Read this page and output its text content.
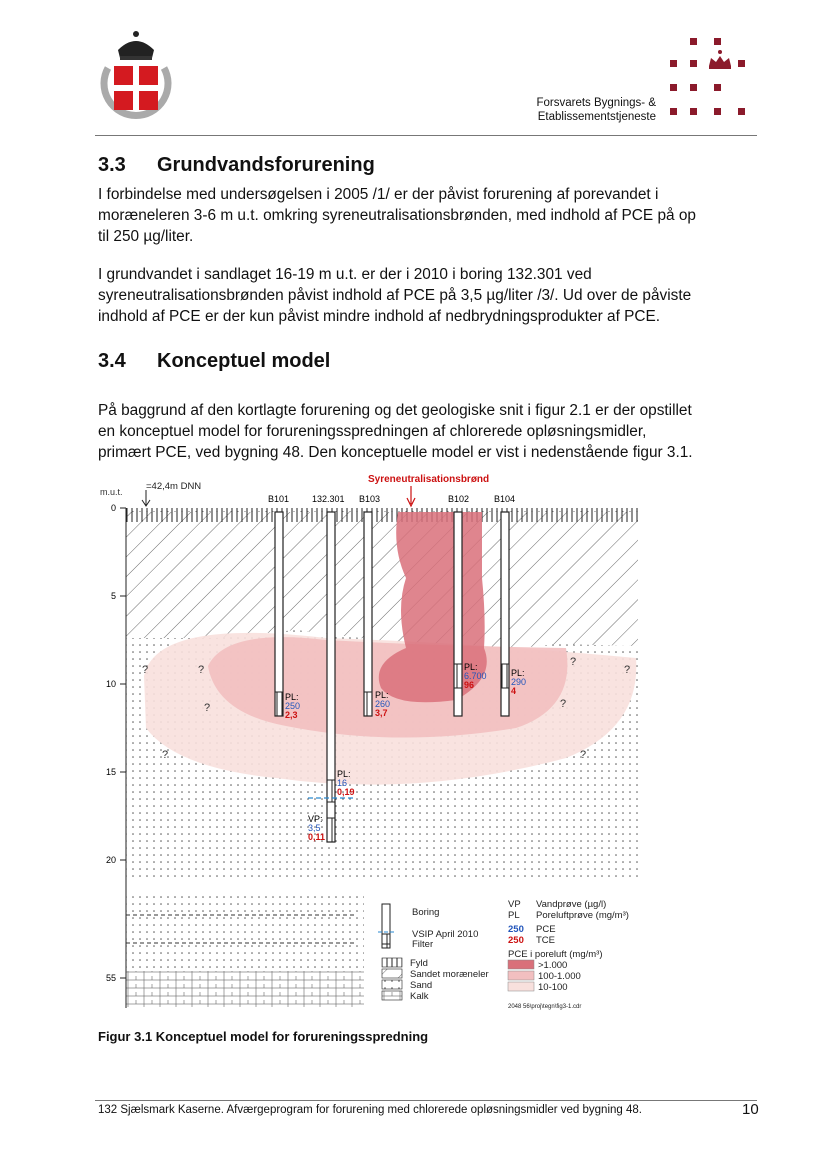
Forsvarets Bygnings- &
Etablissementstjeneste
3.3 Grundvandsforurening
I forbindelse med undersøgelsen i 2005 /1/ er der påvist forurening af porevandet i
moræneleren 3-6 m u.t. omkring syreneutralisationsbrønden, med indhold af PCE på op
til 250 µg/liter.
I grundvandet i sandlaget 16-19 m u.t. er der i 2010 i boring 132.301 ved
syreneutralisationsbrønden påvist indhold af PCE på 3,5 µg/liter /3/. Ud over de påviste
indhold af PCE er der kun påvist mindre indhold af nedbrydningsprodukter af PCE.
3.4 Konceptuel model
På baggrund af den kortlagte forurening og det geologiske snit i figur 2.1 er der opstillet
en konceptuel model for forureningsspredningen af chlorerede opløsningsmidler,
primært PCE, ved bygning 48. Den konceptuelle model er vist i nedenstående figur 3.1.
0
5
10
15
20
55
m.u.t. =42,4m DNN
Syreneutralisationsbrønd
B101
PL:
250
2,3
132.301
PL:
16
0,19
VP:
3,5
0,11
B103
PL:
260
3,7
B102
PL:
6.700
96
B104
PL:
290
4
?	?
?
?
?
?
?
?
Boring
VSIP April 2010
Filter
Fyld
Sandet moræneler
Sand
Kalk
VP Vandprøve (µg/l)
PL Poreluftprøve (mg/m³)
250 PCE
250 TCE
PCE i poreluft (mg/m³)
>1.000
100-1.000
10-100
2048 56\proj\tegn\fig3-1.cdr
Figur 3.1 Konceptuel model for forureningsspredning
132 Sjælsmark Kaserne. Afværgeprogram for forurening med chlorerede opløsningsmidler ved bygning 48.	10
